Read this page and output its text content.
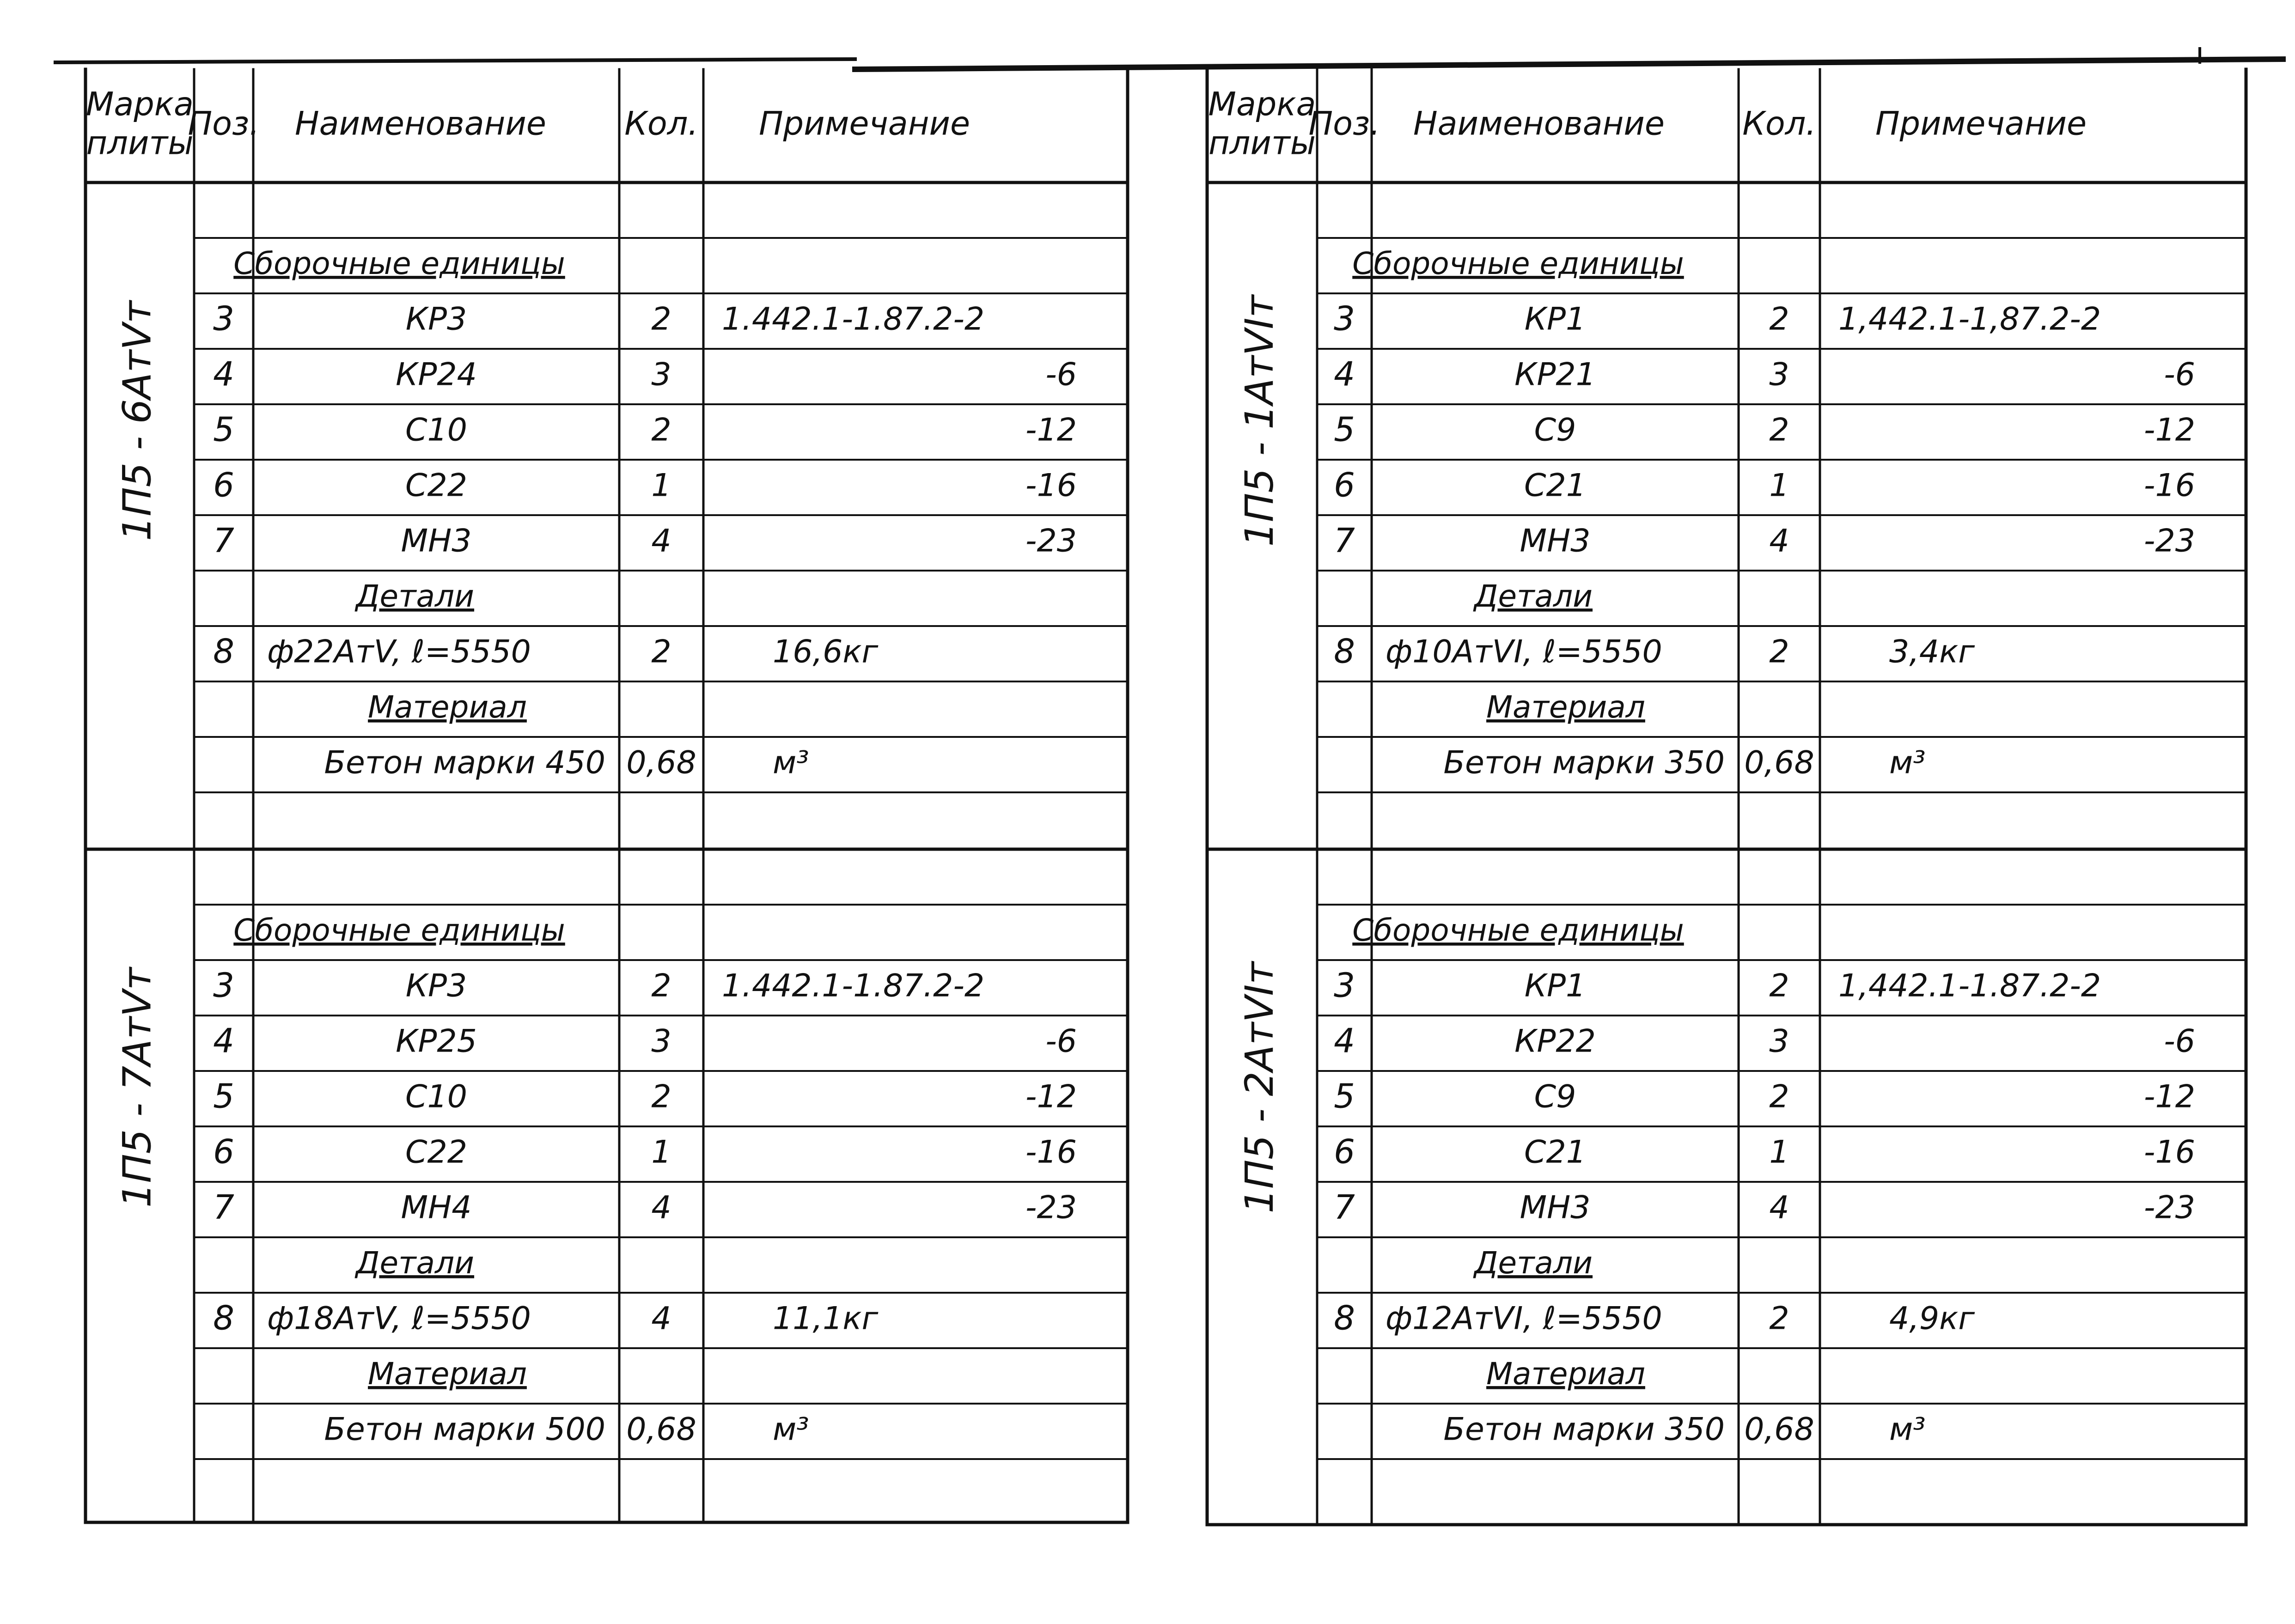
Марка
плиты
Поз. Наименование Кол. Примечание
1П5 - 6АтVт
Сборочные единицы
3	КР3	2 1.442.1-1.87.2-2
4	КР24	3	-6
5	С10	2	-12
6	С22	1	-16
7	МН3	4	-23
Детали
8 ф22АтV, ℓ=5550	2	16,6кг
Материал
Бетон марки 450 0,68 м³
1П5 - 7АтVт
Сборочные единицы
3	КР3	2 1.442.1-1.87.2-2
4	КР25	3	-6
5	С10	2	-12
6	С22	1	-16
7	МН4	4	-23
Детали
8 ф18АтV, ℓ=5550	4	11,1кг
Материал
Бетон марки 500 0,68 м³
Марка
плиты
Поз. Наименование Кол. Примечание
1П5 - 1АтVIт
Сборочные единицы
3	КР1	2 1,442.1-1,87.2-2
4	КР21	3	-6
5	С9	2	-12
6	С21	1	-16
7	МН3	4	-23
Детали
8 ф10АтVI, ℓ=5550	2	3,4кг
Материал
Бетон марки 350 0,68 м³
1П5 - 2АтVIт
Сборочные единицы
3	КР1	2 1,442.1-1.87.2-2
4	КР22	3	-6
5	С9	2	-12
6	С21	1	-16
7	МН3	4	-23
Детали
8 ф12АтVI, ℓ=5550	2	4,9кг
Материал
Бетон марки 350 0,68 м³
